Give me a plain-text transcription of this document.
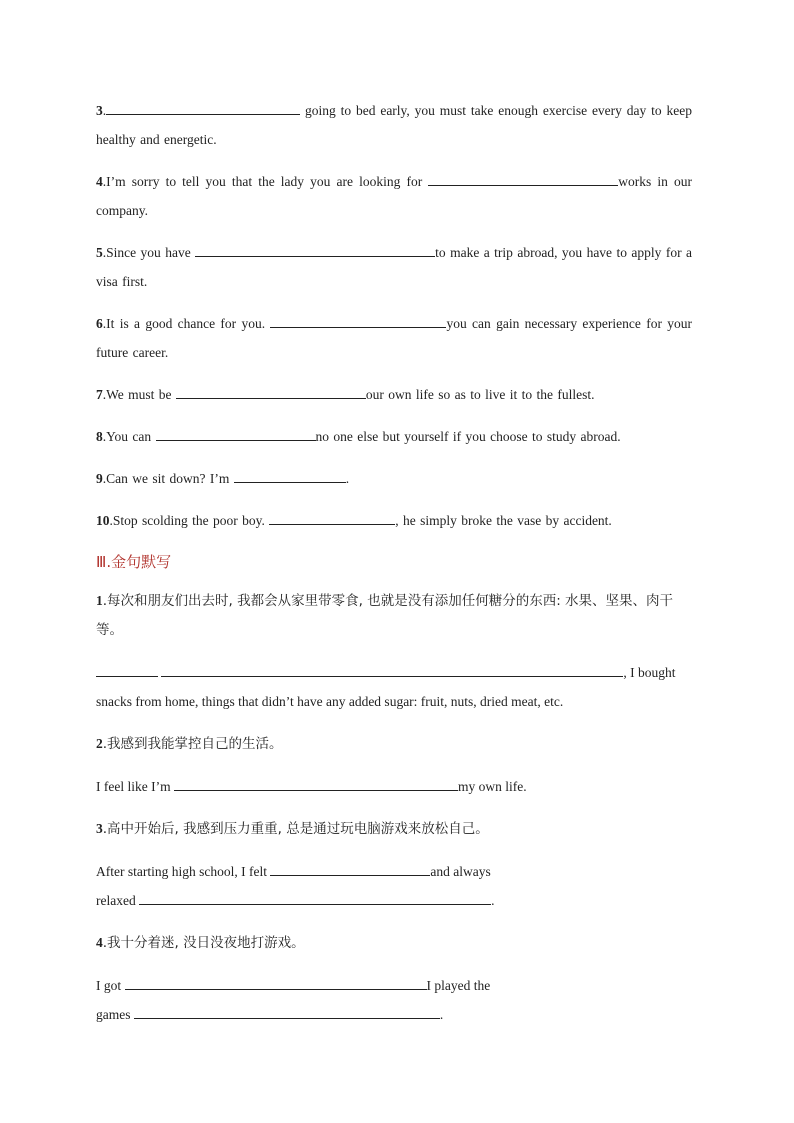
3.	going to bed early, you must take enough exercise every day to keep healthy and energetic.
4.I’m sorry to tell you that the lady you are looking for	works in our company.
5.Since you have	to make a trip abroad, you have to apply for a visa first.
6.It is a good chance for you.	you can gain necessary experience for your future career.
7.We must be	our own life so as to live it to the fullest.
8.You can	no one else but yourself if you choose to study abroad.
9.Can we sit down? I’m	.
10.Stop scolding the poor boy.	, he simply broke the vase by accident.
Ⅲ.金句默写
1.每次和朋友们出去时, 我都会从家里带零食, 也就是没有添加任何糖分的东西: 水果、坚果、肉干等。
, I bought
snacks from home, things that didn’t have any added sugar: fruit, nuts, dried meat, etc.
2.我感到我能掌控自己的生活。
I feel like I’m	my own life.
3.高中开始后, 我感到压力重重, 总是通过玩电脑游戏来放松自己。
After starting high school, I felt	and always
relaxed	.
4.我十分着迷, 没日没夜地打游戏。
I got	I played the
games	.
